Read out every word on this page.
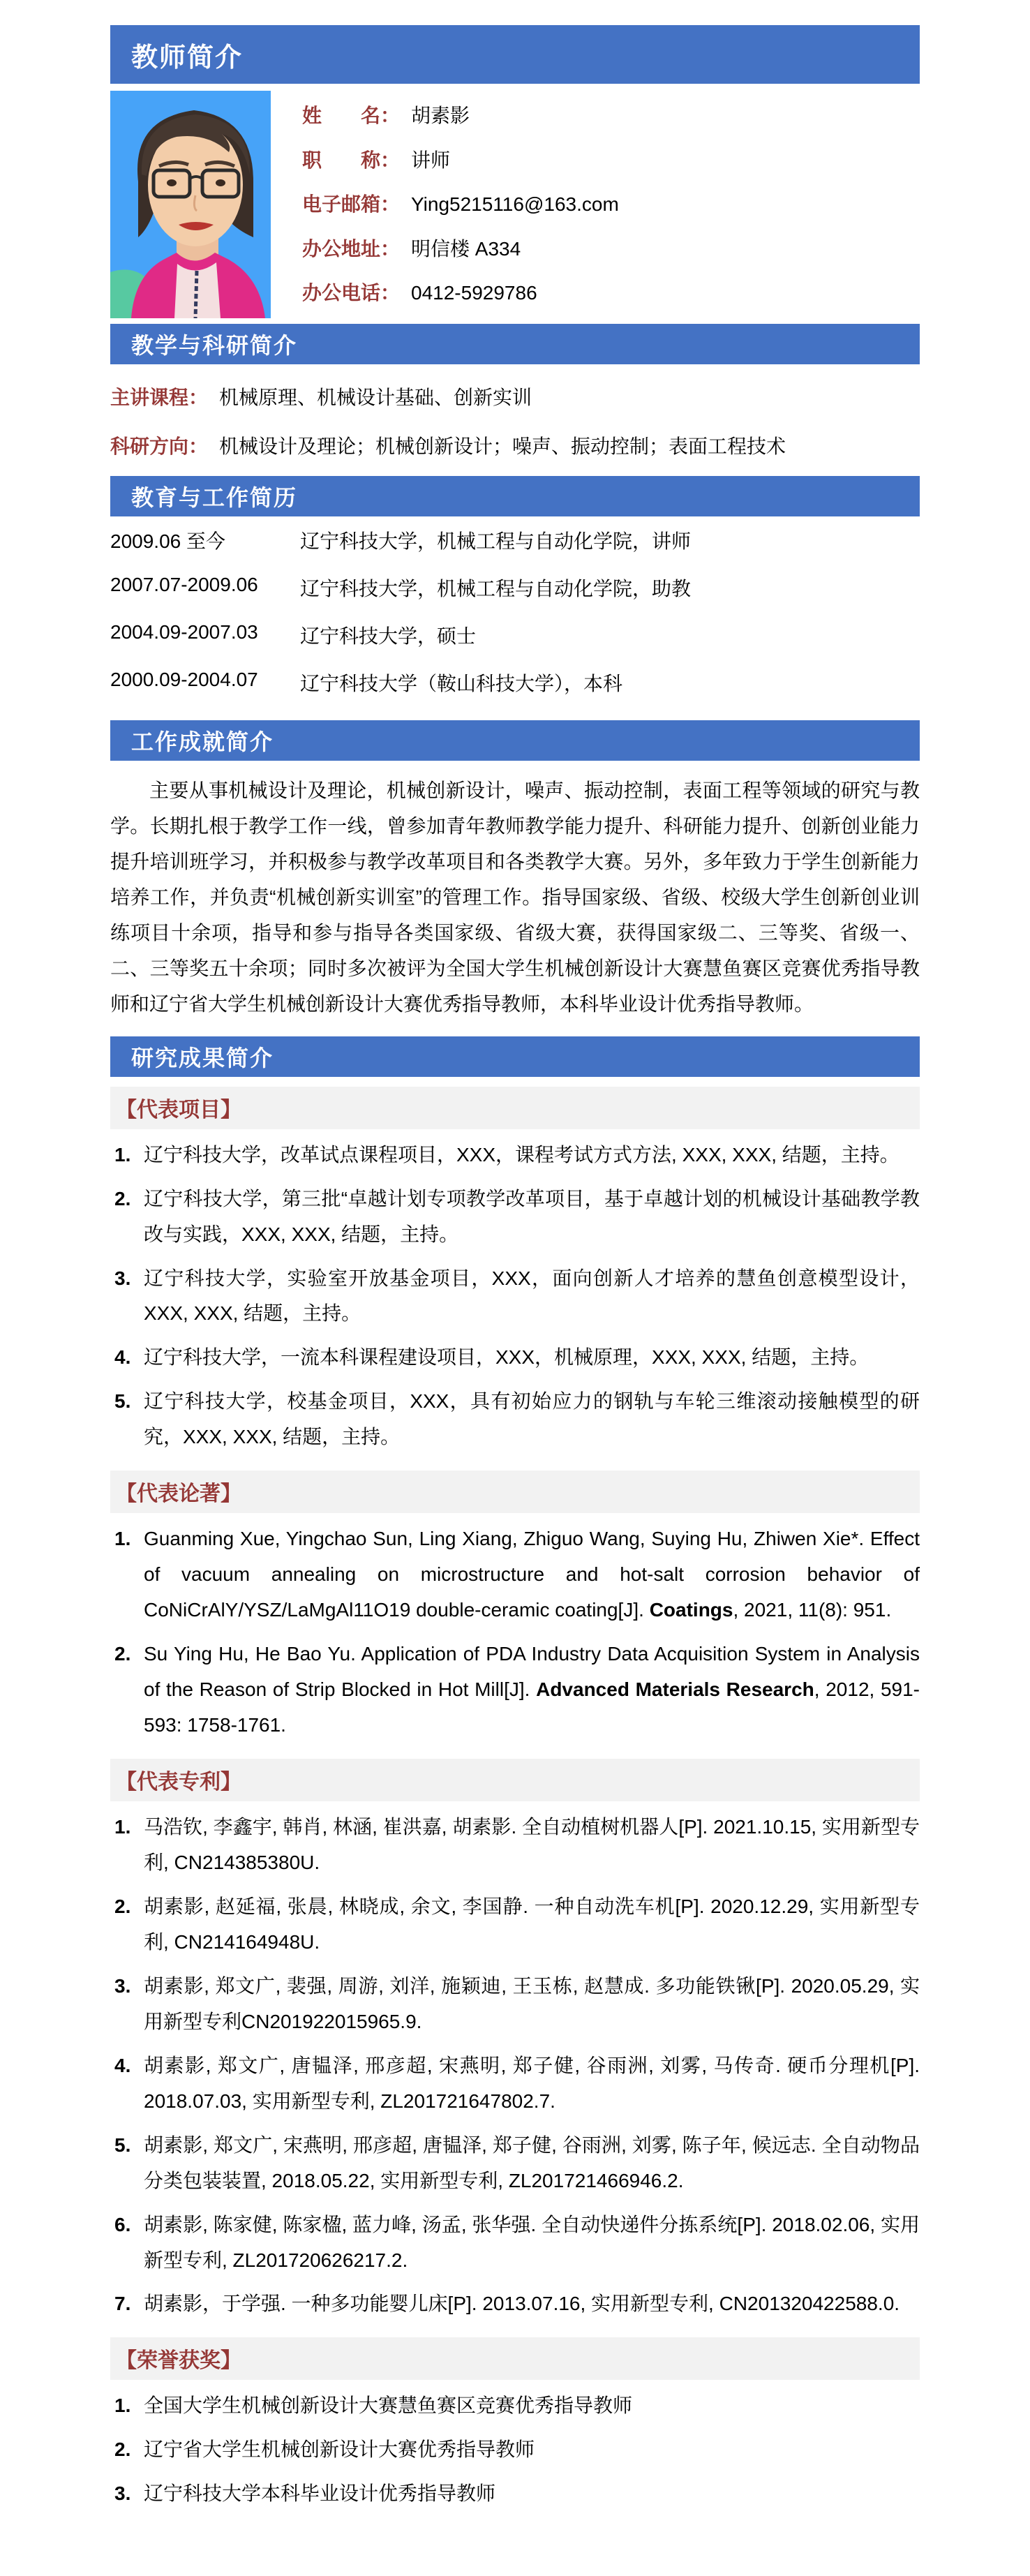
教师简介
姓　　名： 胡素影
职　　称： 讲师
电子邮箱： Ying5215116@163.com
办公地址： 明信楼 A334
办公电话： 0412-5929786
教学与科研简介
主讲课程： 机械原理、机械设计基础、创新实训
科研方向： 机械设计及理论；机械创新设计；噪声、振动控制；表面工程技术
教育与工作简历
2009.06 至今	辽宁科技大学，机械工程与自动化学院，讲师
2007.07-2009.06	辽宁科技大学，机械工程与自动化学院，助教
2004.09-2007.03	辽宁科技大学，硕士
2000.09-2004.07	辽宁科技大学（鞍山科技大学），本科
工作成就简介

主要从事机械设计及理论，机械创新设计，噪声、振动控制，表面工程等领域的研究与教学。长期扎根于教学工作一线，曾参加青年教师教学能力提升、科研能力提升、创新创业能力提升培训班学习，并积极参与教学改革项目和各类教学大赛。另外，多年致力于学生创新能力培养工作，并负责“机械创新实训室”的管理工作。指导国家级、省级、校级大学生创新创业训练项目十余项，指导和参与指导各类国家级、省级大赛，获得国家级二、三等奖、省级一、二、三等奖五十余项；同时多次被评为全国大学生机械创新设计大赛慧鱼赛区竞赛优秀指导教师和辽宁省大学生机械创新设计大赛优秀指导教师，本科毕业设计优秀指导教师。

研究成果简介
【代表项目】
辽宁科技大学，改革试点课程项目，XXX，课程考试方式方法, XXX, XXX, 结题，主持。
辽宁科技大学，第三批“卓越计划专项教学改革项目，基于卓越计划的机械设计基础教学教改与实践，XXX, XXX, 结题，主持。
辽宁科技大学，实验室开放基金项目，XXX，面向创新人才培养的慧鱼创意模型设计，XXX, XXX, 结题，主持。
辽宁科技大学，一流本科课程建设项目，XXX，机械原理，XXX, XXX, 结题，主持。
辽宁科技大学，校基金项目，XXX，具有初始应力的钢轨与车轮三维滚动接触模型的研究，XXX, XXX, 结题，主持。
【代表论著】
Guanming Xue, Yingchao Sun, Ling Xiang, Zhiguo Wang, Suying Hu, Zhiwen Xie*. Effect of vacuum annealing on microstructure and hot-salt corrosion behavior of CoNiCrAlY/YSZ/LaMgAl11O19 double-ceramic coating[J]. Coatings, 2021, 11(8): 951.
Su Ying Hu, He Bao Yu. Application of PDA Industry Data Acquisition System in Analysis of the Reason of Strip Blocked in Hot Mill[J]. Advanced Materials Research, 2012, 591-593: 1758-1761.
【代表专利】
马浩钦, 李鑫宇, 韩肖, 林涵, 崔洪嘉, 胡素影. 全自动植树机器人[P]. 2021.10.15, 实用新型专利, CN214385380U.
胡素影, 赵延福, 张晨, 林晓成, 余文, 李国静. 一种自动洗车机[P]. 2020.12.29, 实用新型专利, CN214164948U.
胡素影, 郑文广, 裴强, 周游, 刘洋, 施颖迪, 王玉栋, 赵慧成. 多功能铁锹[P]. 2020.05.29, 实用新型专利CN201922015965.9.
胡素影, 郑文广, 唐韫泽, 邢彦超, 宋燕明, 郑子健, 谷雨洲, 刘雾, 马传奇. 硬币分理机[P]. 2018.07.03, 实用新型专利, ZL201721647802.7.
胡素影, 郑文广, 宋燕明, 邢彦超, 唐韫泽, 郑子健, 谷雨洲, 刘雾, 陈子年, 候远志. 全自动物品分类包装装置, 2018.05.22, 实用新型专利, ZL201721466946.2.
胡素影, 陈家健, 陈家楹, 蓝力峰, 汤孟, 张华强. 全自动快递件分拣系统[P]. 2018.02.06, 实用新型专利, ZL201720626217.2.
胡素影，于学强. 一种多功能婴儿床[P]. 2013.07.16, 实用新型专利, CN201320422588.0.
【荣誉获奖】
全国大学生机械创新设计大赛慧鱼赛区竞赛优秀指导教师
辽宁省大学生机械创新设计大赛优秀指导教师
辽宁科技大学本科毕业设计优秀指导教师
